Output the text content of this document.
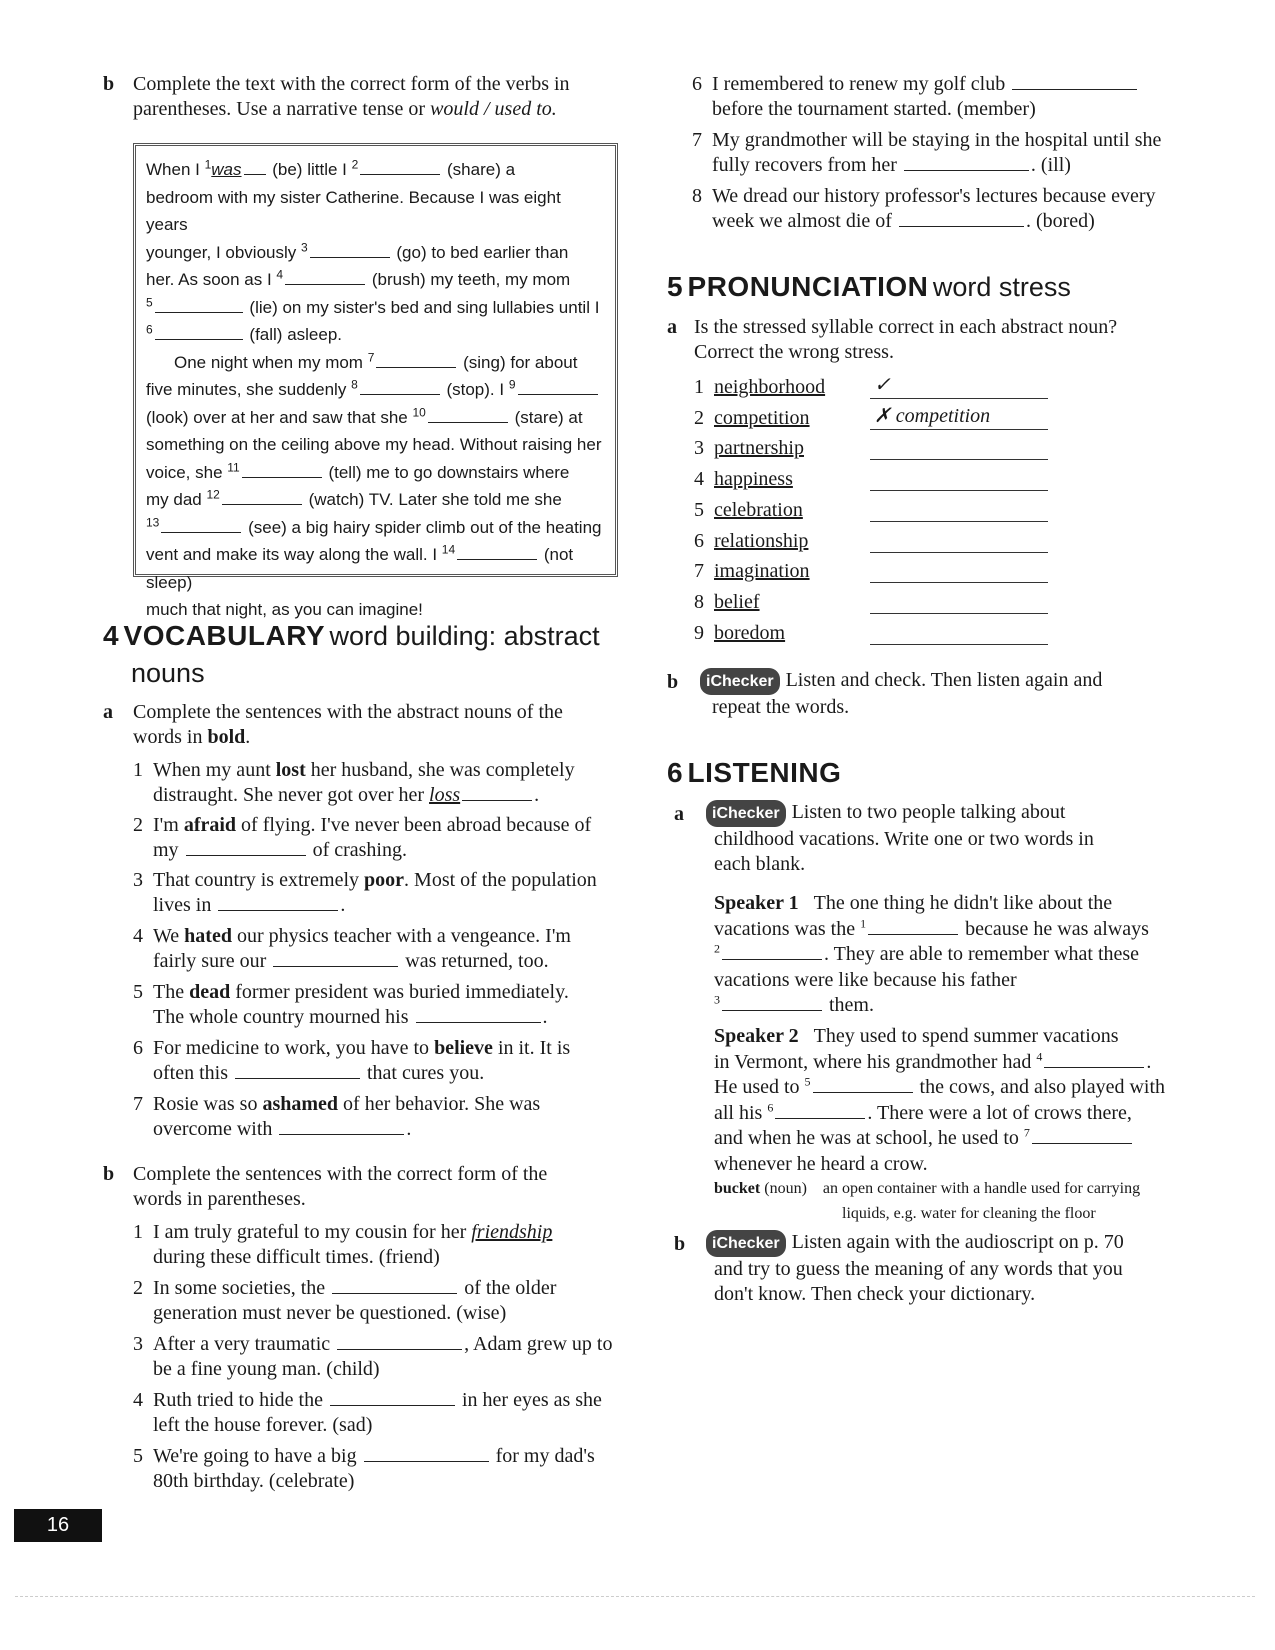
b Complete the text with the correct form of the verbs in
parentheses. Use a narrative tense or would / used to.
When I $^1$was (be) little I $^2$	(share) a
bedroom with my sister Catherine. Because I was eight years
younger, I obviously $^3$	(go) to bed earlier than
her. As soon as I $^4$	(brush) my teeth, my mom
$^5$	(lie) on my sister's bed and sing lullabies until I
$^6$	(fall) asleep.
One night when my mom $^7$	(sing) for about
five minutes, she suddenly $^8$	(stop). I $^9$
(look) over at her and saw that she $^{10}$	(stare) at
something on the ceiling above my head. Without raising her
voice, she $^{11}$	(tell) me to go downstairs where
my dad $^{12}$	(watch) TV. Later she told me she
$^{13}$	(see) a big hairy spider climb out of the heating
vent and make its way along the wall. I $^{14}$	(not sleep)
much that night, as you can imagine!
4 VOCABULARY word building: abstract
nouns
a Complete the sentences with the abstract nouns of the
words in bold.
1 When my aunt lost her husband, she was completely
distraught. She never got over her loss	.
2 I'm afraid of flying. I've never been abroad because of
my	of crashing.
3 That country is extremely poor. Most of the population
lives in	.
4 We hated our physics teacher with a vengeance. I'm
fairly sure our	was returned, too.
5 The dead former president was buried immediately.
The whole country mourned his	.
6 For medicine to work, you have to believe in it. It is
often this	that cures you.
7 Rosie was so ashamed of her behavior. She was
overcome with	.
b Complete the sentences with the correct form of the
words in parentheses.
1 I am truly grateful to my cousin for her friendship
during these difficult times. (friend)
2 In some societies, the	of the older
generation must never be questioned. (wise)
3 After a very traumatic	, Adam grew up to
be a fine young man. (child)
4 Ruth tried to hide the	in her eyes as she
left the house forever. (sad)
5 We're going to have a big	for my dad's
80th birthday. (celebrate)
6 I remembered to renew my golf club
before the tournament started. (member)
7 My grandmother will be staying in the hospital until she
fully recovers from her	. (ill)
8 We dread our history professor's lectures because every
week we almost die of	. (bored)
5 PRONUNCIATION word stress
a Is the stressed syllable correct in each abstract noun?
Correct the wrong stress.
1 neighborhood ✓
2 competition	✗ competition
3 partnership
4 happiness
5 celebration
6 relationship
7 imagination
8 belief
9 boredom
b	iChecker Listen and check. Then listen again and
repeat the words.
6 LISTENING
a	iChecker Listen to two people talking about
childhood vacations. Write one or two words in
each blank.
Speaker 1 The one thing he didn't like about the
vacations was the $^1$	because he was always
$^2$	. They are able to remember what these
vacations were like because his father
$^3$	them.
Speaker 2 They used to spend summer vacations
in Vermont, where his grandmother had $^4$	.
He used to $^5$	the cows, and also played with
all his $^6$	. There were a lot of crows there,
and when he was at school, he used to $^7$
whenever he heard a crow.
bucket (noun) an open container with a handle used for carrying
liquids, e.g. water for cleaning the floor
b	iChecker Listen again with the audioscript on p. 70
and try to guess the meaning of any words that you
don't know. Then check your dictionary.
16
